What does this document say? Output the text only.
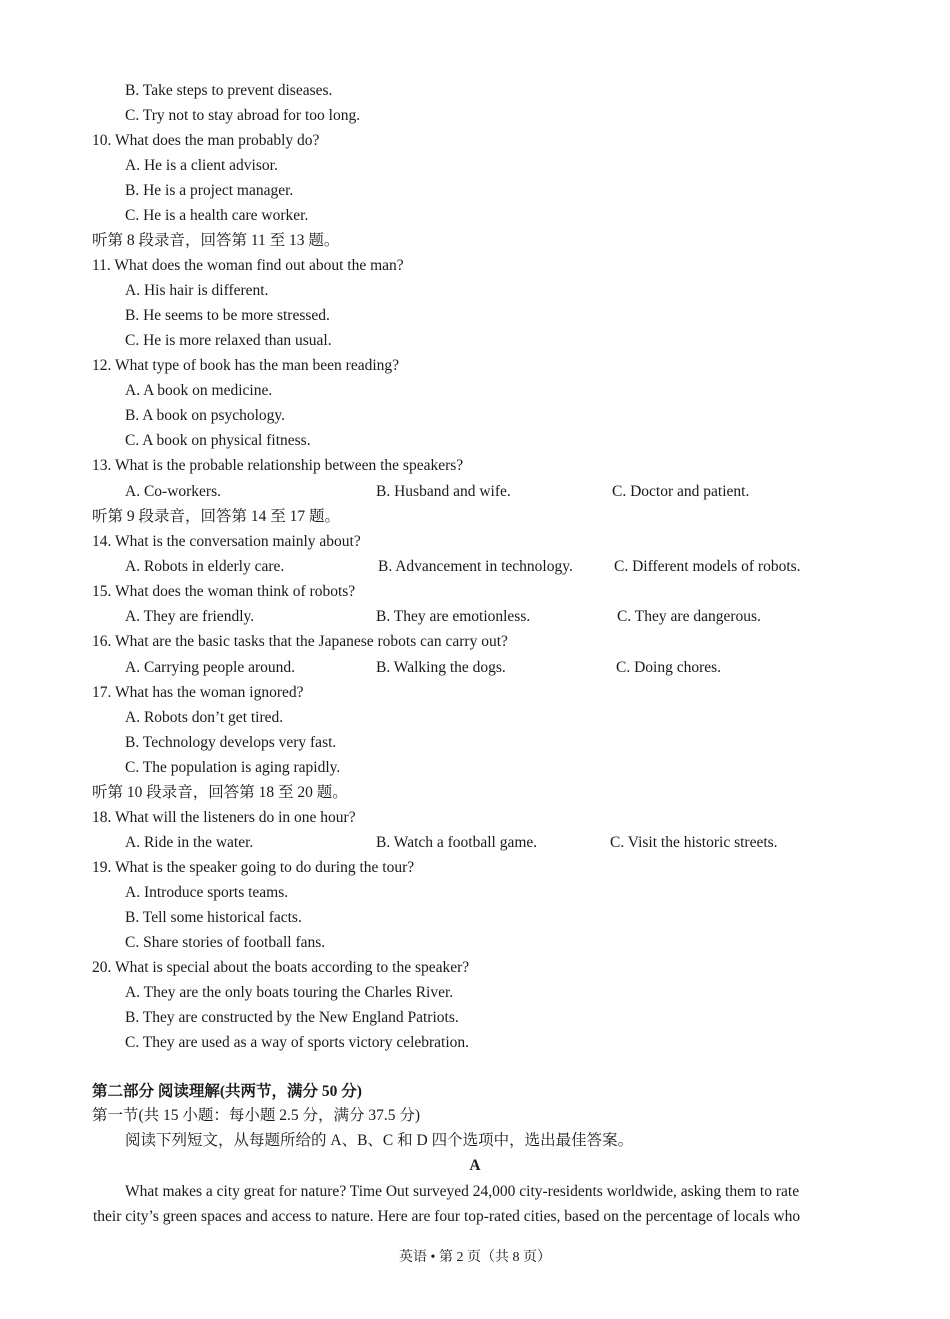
B. Take steps to prevent diseases.
C. Try not to stay abroad for too long.
10. What does the man probably do?
A. He is a client advisor.
B. He is a project manager.
C. He is a health care worker.
听第 8 段录音，回答第 11 至 13 题。
11. What does the woman find out about the man?
A. His hair is different.
B. He seems to be more stressed.
C. He is more relaxed than usual.
12. What type of book has the man been reading?
A. A book on medicine.
B. A book on psychology.
C. A book on physical fitness.
13. What is the probable relationship between the speakers?
A. Co-workers.	B. Husband and wife.	C. Doctor and patient.
听第 9 段录音，回答第 14 至 17 题。
14. What is the conversation mainly about?
A. Robots in elderly care.	B. Advancement in technology.	C. Different models of robots.
15. What does the woman think of robots?
A. They are friendly.	B. They are emotionless.	C. They are dangerous.
16. What are the basic tasks that the Japanese robots can carry out?
A. Carrying people around.	B. Walking the dogs.	C. Doing chores.
17. What has the woman ignored?
A. Robots don’t get tired.
B. Technology develops very fast.
C. The population is aging rapidly.
听第 10 段录音，回答第 18 至 20 题。
18. What will the listeners do in one hour?
A. Ride in the water.	B. Watch a football game.	C. Visit the historic streets.
19. What is the speaker going to do during the tour?
A. Introduce sports teams.
B. Tell some historical facts.
C. Share stories of football fans.
20. What is special about the boats according to the speaker?
A. They are the only boats touring the Charles River.
B. They are constructed by the New England Patriots.
C. They are used as a way of sports victory celebration.
第二部分 阅读理解(共两节，满分 50 分)
第一节(共 15 小题：每小题 2.5 分，满分 37.5 分)
阅读下列短文，从每题所给的 A、B、C 和 D 四个选项中，选出最佳答案。
A
What makes a city great for nature? Time Out surveyed 24,000 city-residents worldwide, asking them to rate
their city’s green spaces and access to nature. Here are four top-rated cities, based on the percentage of locals who
英语 • 第 2 页（共 8 页）
